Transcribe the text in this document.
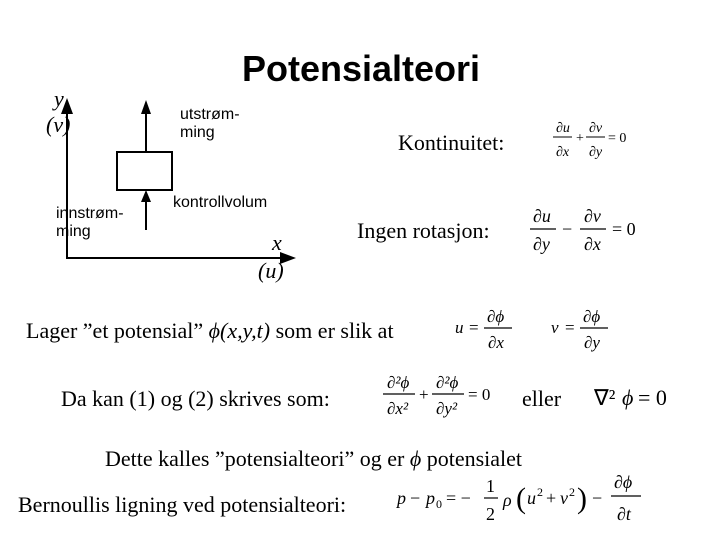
Potensialteori
∂u
∂x
+
∂v
∂y
= 0
∂u
∂y
−
∂v
∂x
= 0
u =
∂ϕ
∂x
v =
∂ϕ
∂y
∂²ϕ
∂x²
+
∂²ϕ
∂y²
= 0	∇² ϕ = 0
p − p 0 = −
1
2
ρ ( u 2 + v 2 ) −
∂ϕ
∂t
y
(v)	utstrøm-
ming
innstrøm-
ming
kontrollvolum
x
(u)
Kontinuitet:
Ingen rotasjon:
Lager ”et potensial” ϕ(x,y,t) som er slik at
Da kan (1) og (2) skrives som:	eller
Dette kalles ”potensialteori” og er ϕ potensialet
Bernoullis ligning ved potensialteori:
